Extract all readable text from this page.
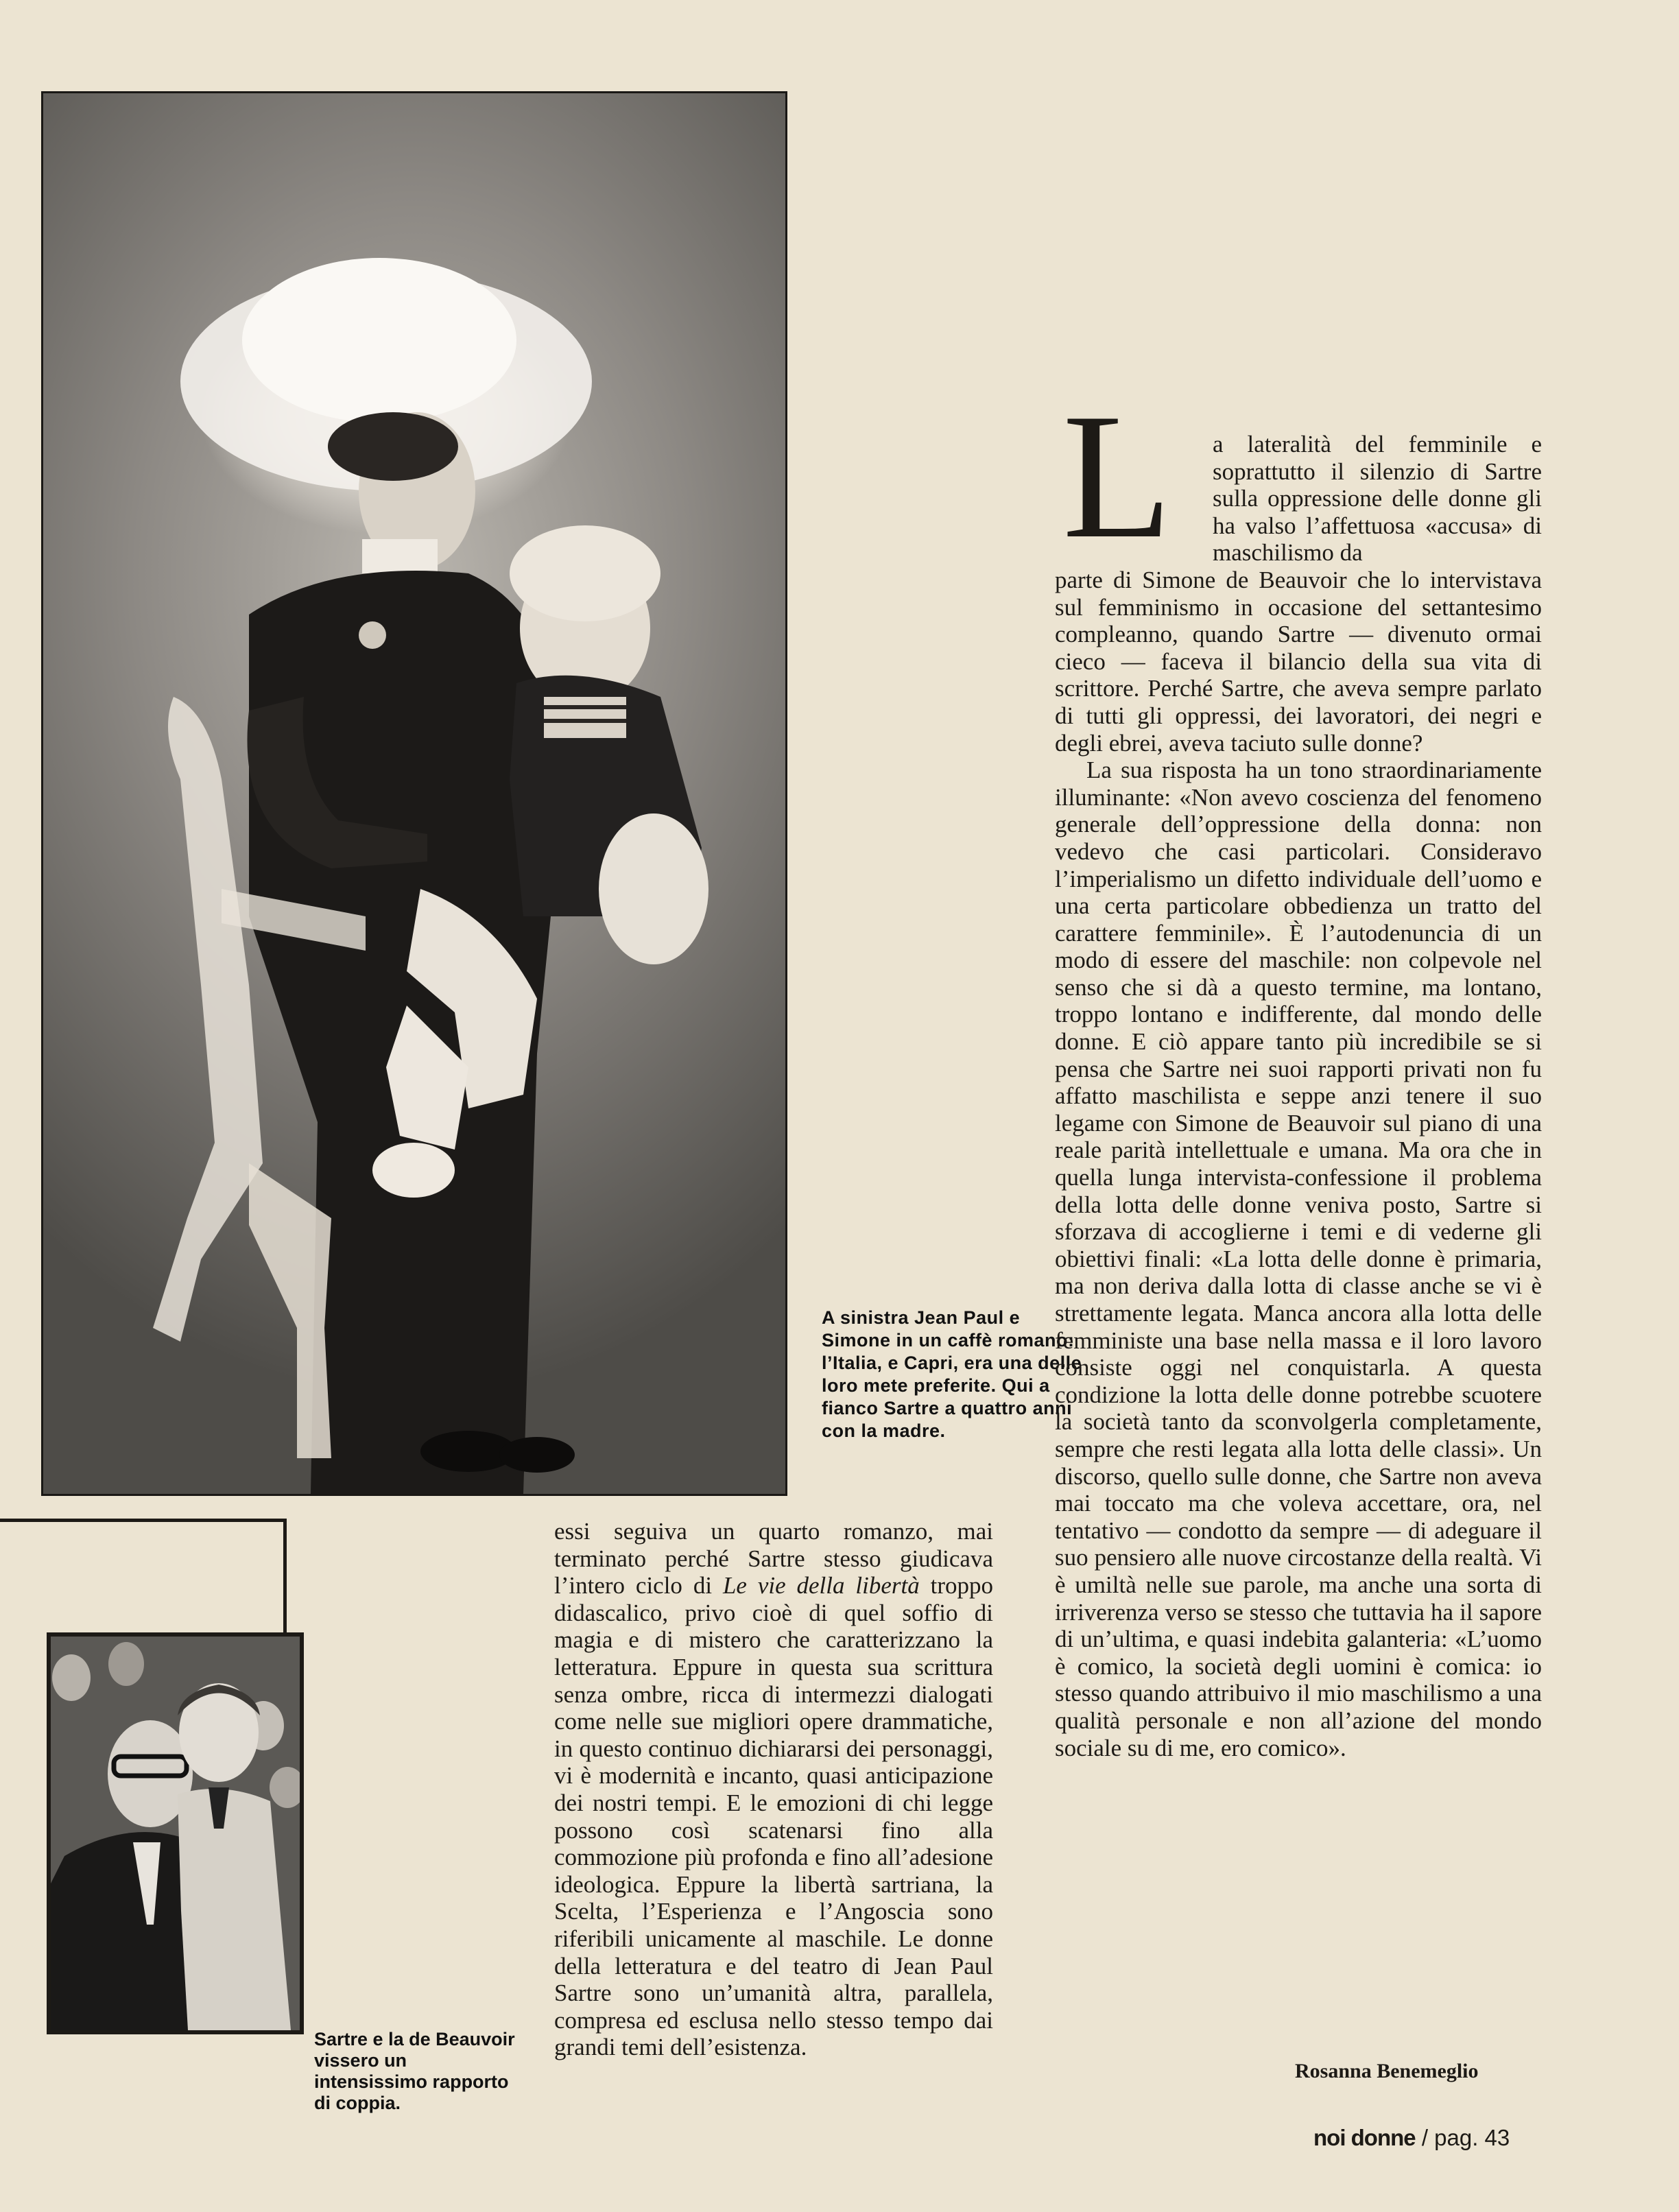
A sinistra Jean Paul e Simone in un caffè romano: l’Italia, e Capri, era una delle loro mete preferite. Qui a fianco Sartre a quattro anni con la madre.
Sartre e la de Beauvoir vissero un intensissimo rapporto di coppia.

essi seguiva un quarto romanzo, mai terminato perché Sartre stesso giudicava l’intero ciclo di Le vie della libertà troppo didascalico, privo cioè di quel soffio di magia e di mistero che caratterizzano la letteratura. Eppure in questa sua scrittura senza ombre, ricca di intermezzi dialogati come nelle sue migliori opere drammatiche, in questo continuo dichiararsi dei personaggi, vi è modernità e incanto, quasi anticipazione dei nostri tempi. E le emozioni di chi legge possono così scatenarsi fino alla commozione più profonda e fino all’adesione ideologica. Eppure la libertà sartriana, la Scelta, l’Esperienza e l’Angoscia sono riferibili unicamente al maschile. Le donne della letteratura e del teatro di Jean Paul Sartre sono un’umanità altra, parallela, compresa ed esclusa nello stesso tempo dai grandi temi dell’esistenza.

L	a lateralità del femminile e soprattutto il silenzio di Sartre sulla oppressione delle donne gli ha valso l’affettuosa «accusa» di maschilismo da

parte di Simone de Beauvoir che lo intervistava sul femminismo in occasione del settantesimo compleanno, quando Sartre — divenuto ormai cieco — faceva il bilancio della sua vita di scrittore. Perché Sartre, che aveva sempre parlato di tutti gli oppressi, dei lavoratori, dei negri e degli ebrei, aveva taciuto sulle donne?

La sua risposta ha un tono straordinariamente illuminante: «Non avevo coscienza del fenomeno generale dell’oppressione della donna: non vedevo che casi particolari. Consideravo l’imperialismo un difetto individuale dell’uomo e una certa particolare obbedienza un tratto del carattere femminile». È l’autodenuncia di un modo di essere del maschile: non colpevole nel senso che si dà a questo termine, ma lontano, troppo lontano e indifferente, dal mondo delle donne. E ciò appare tanto più incredibile se si pensa che Sartre nei suoi rapporti privati non fu affatto maschilista e seppe anzi tenere il suo legame con Simone de Beauvoir sul piano di una reale parità intellettuale e umana. Ma ora che in quella lunga intervista-confessione il problema della lotta delle donne veniva posto, Sartre si sforzava di accoglierne i temi e di vederne gli obiettivi finali: «La lotta delle donne è primaria, ma non deriva dalla lotta di classe anche se vi è strettamente legata. Manca ancora alla lotta delle femministe una base nella massa e il loro lavoro consiste oggi nel conquistarla. A questa condizione la lotta delle donne potrebbe scuotere la società tanto da sconvolgerla completamente, sempre che resti legata alla lotta delle classi». Un discorso, quello sulle donne, che Sartre non aveva mai toccato ma che voleva accettare, ora, nel tentativo — condotto da sempre — di adeguare il suo pensiero alle nuove circostanze della realtà. Vi è umiltà nelle sue parole, ma anche una sorta di irriverenza verso se stesso che tuttavia ha il sapore di un’ultima, e quasi indebita galanteria: «L’uomo è comico, la società degli uomini è comica: io stesso quando attribuivo il mio maschilismo a una qualità personale e non all’azione del mondo sociale su di me, ero comico».

Rosanna Benemeglio
noi donne / pag. 43
